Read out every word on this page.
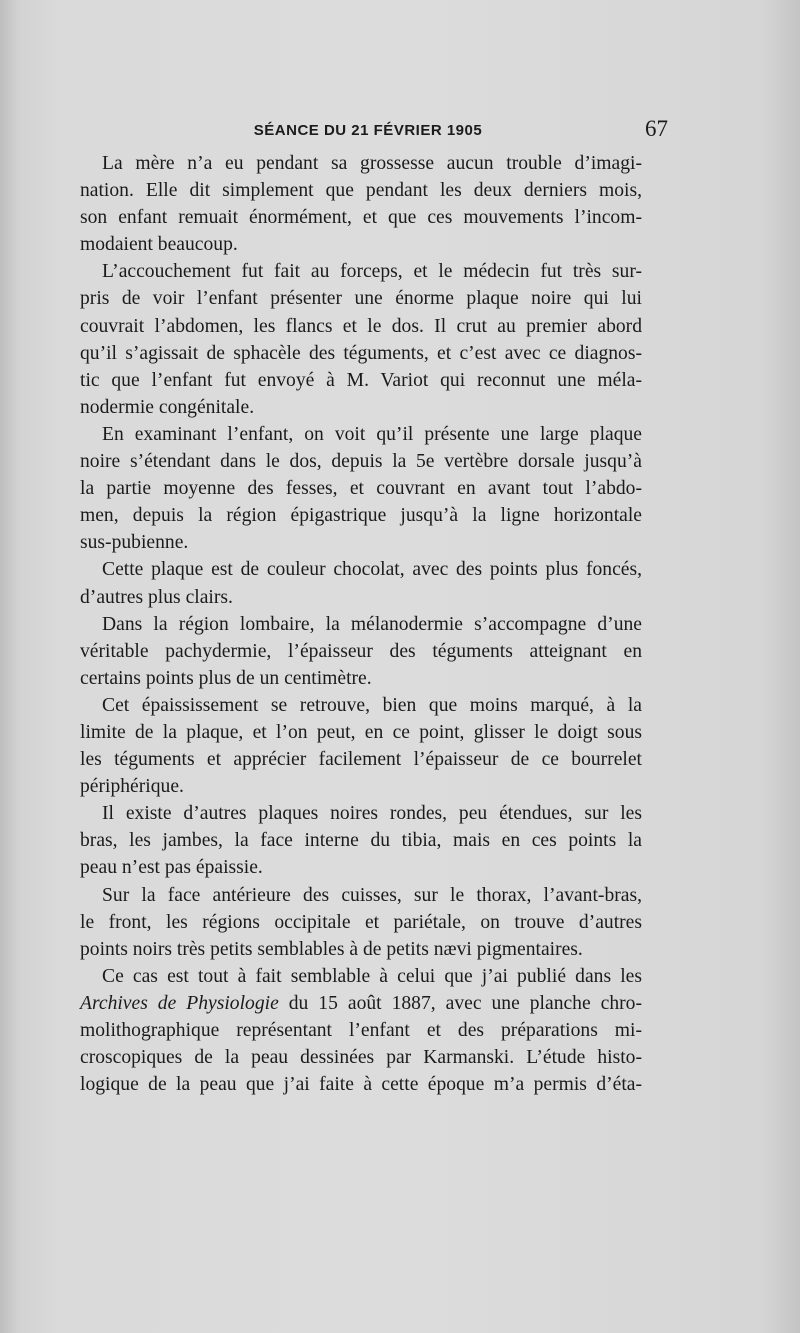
SÉANCE DU 21 FÉVRIER 1905	67

La mère n’a eu pendant sa grossesse aucun trouble d’imagi-
nation. Elle dit simplement que pendant les deux derniers mois,
son enfant remuait énormément, et que ces mouvements l’incom-
modaient beaucoup.

L’accouchement fut fait au forceps, et le médecin fut très sur-
pris de voir l’enfant présenter une énorme plaque noire qui lui
couvrait l’abdomen, les flancs et le dos. Il crut au premier abord
qu’il s’agissait de sphacèle des téguments, et c’est avec ce diagnos-
tic que l’enfant fut envoyé à M. Variot qui reconnut une méla-
nodermie congénitale.

En examinant l’enfant, on voit qu’il présente une large plaque
noire s’étendant dans le dos, depuis la 5e vertèbre dorsale jusqu’à
la partie moyenne des fesses, et couvrant en avant tout l’abdo-
men, depuis la région épigastrique jusqu’à la ligne horizontale
sus-pubienne.

Cette plaque est de couleur chocolat, avec des points plus foncés,
d’autres plus clairs.

Dans la région lombaire, la mélanodermie s’accompagne d’une
véritable pachydermie, l’épaisseur des téguments atteignant en
certains points plus de un centimètre.

Cet épaississement se retrouve, bien que moins marqué, à la
limite de la plaque, et l’on peut, en ce point, glisser le doigt sous
les téguments et apprécier facilement l’épaisseur de ce bourrelet
périphérique.

Il existe d’autres plaques noires rondes, peu étendues, sur les
bras, les jambes, la face interne du tibia, mais en ces points la
peau n’est pas épaissie.

Sur la face antérieure des cuisses, sur le thorax, l’avant-bras,
le front, les régions occipitale et pariétale, on trouve d’autres
points noirs très petits semblables à de petits nævi pigmentaires.

Ce cas est tout à fait semblable à celui que j’ai publié dans les
Archives de Physiologie du 15 août 1887, avec une planche chro-
molithographique représentant l’enfant et des préparations mi-
croscopiques de la peau dessinées par Karmanski. L’étude histo-
logique de la peau que j’ai faite à cette époque m’a permis d’éta-
